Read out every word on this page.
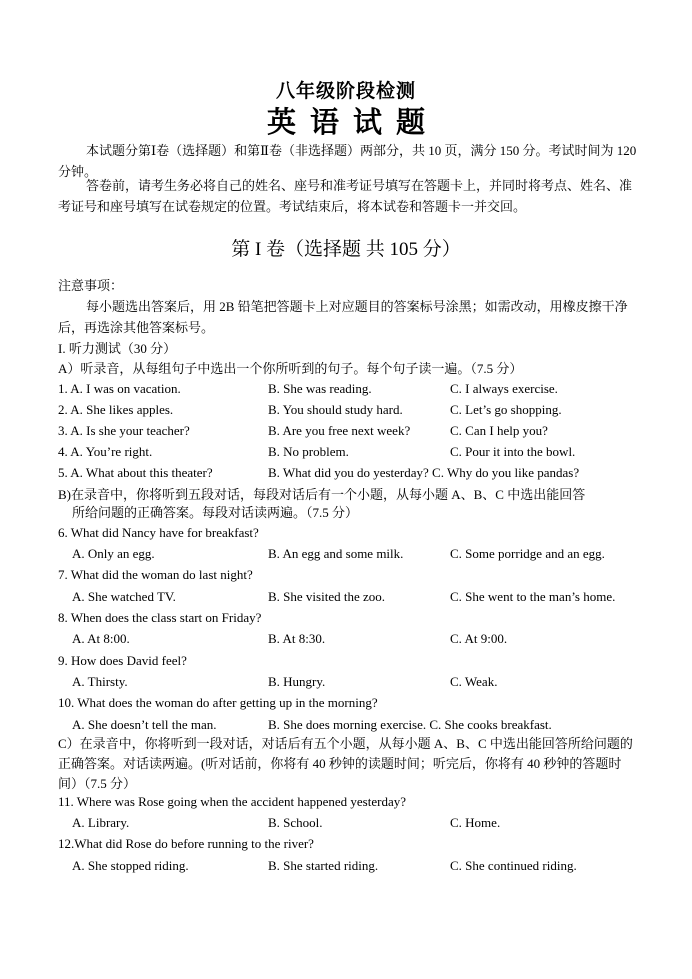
八年级阶段检测
英语试题
本试题分第Ⅰ卷（选择题）和第Ⅱ卷（非选择题）两部分，共 10 页，满分 150 分。考试时间为 120 分钟。
答卷前，请考生务必将自己的姓名、座号和准考证号填写在答题卡上，并同时将考点、姓名、准考证号和座号填写在试卷规定的位置。考试结束后，将本试卷和答题卡一并交回。
第 I 卷（选择题 共 105 分）
注意事项：
每小题选出答案后，用 2B 铅笔把答题卡上对应题目的答案标号涂黑；如需改动，用橡皮擦干净后，再选涂其他答案标号。
I. 听力测试（30 分）
A）听录音，从每组句子中选出一个你所听到的句子。每个句子读一遍。（7.5 分）
1. A. I was on vacation.	B. She was reading.	C. I always exercise.
2. A. She likes apples.	B. You should study hard.	C. Let’s go shopping.
3. A. Is she your teacher?	B. Are you free next week?	C. Can I help you?
4. A. You’re right.	B. No problem.	C. Pour it into the bowl.
5. A. What about this theater?	B. What did you do yesterday? C. Why do you like pandas?
B)在录音中，你将听到五段对话，每段对话后有一个小题，从每小题 A、B、C 中选出能回答
所给问题的正确答案。每段对话读两遍。（7.5 分）
6. What did Nancy have for breakfast?
A. Only an egg.	B. An egg and some milk.	C. Some porridge and an egg.
7. What did the woman do last night?
A. She watched TV.	B. She visited the zoo.	C. She went to the man’s home.
8. When does the class start on Friday?
A. At 8:00.	B. At 8:30.	C. At 9:00.
9. How does David feel?
A. Thirsty.	B. Hungry.	C. Weak.
10. What does the woman do after getting up in the morning?
A. She doesn’t tell the man.	B. She does morning exercise. C. She cooks breakfast.
C）在录音中，你将听到一段对话，对话后有五个小题，从每小题 A、B、C 中选出能回答所给问题的正确答案。对话读两遍。(听对话前，你将有 40 秒钟的读题时间；听完后，你将有 40 秒钟的答题时间）（7.5 分）
11. Where was Rose going when the accident happened yesterday?
A. Library.	B. School.	C. Home.
12.What did Rose do before running to the river?
A. She stopped riding.	B. She started riding.	C. She continued riding.
